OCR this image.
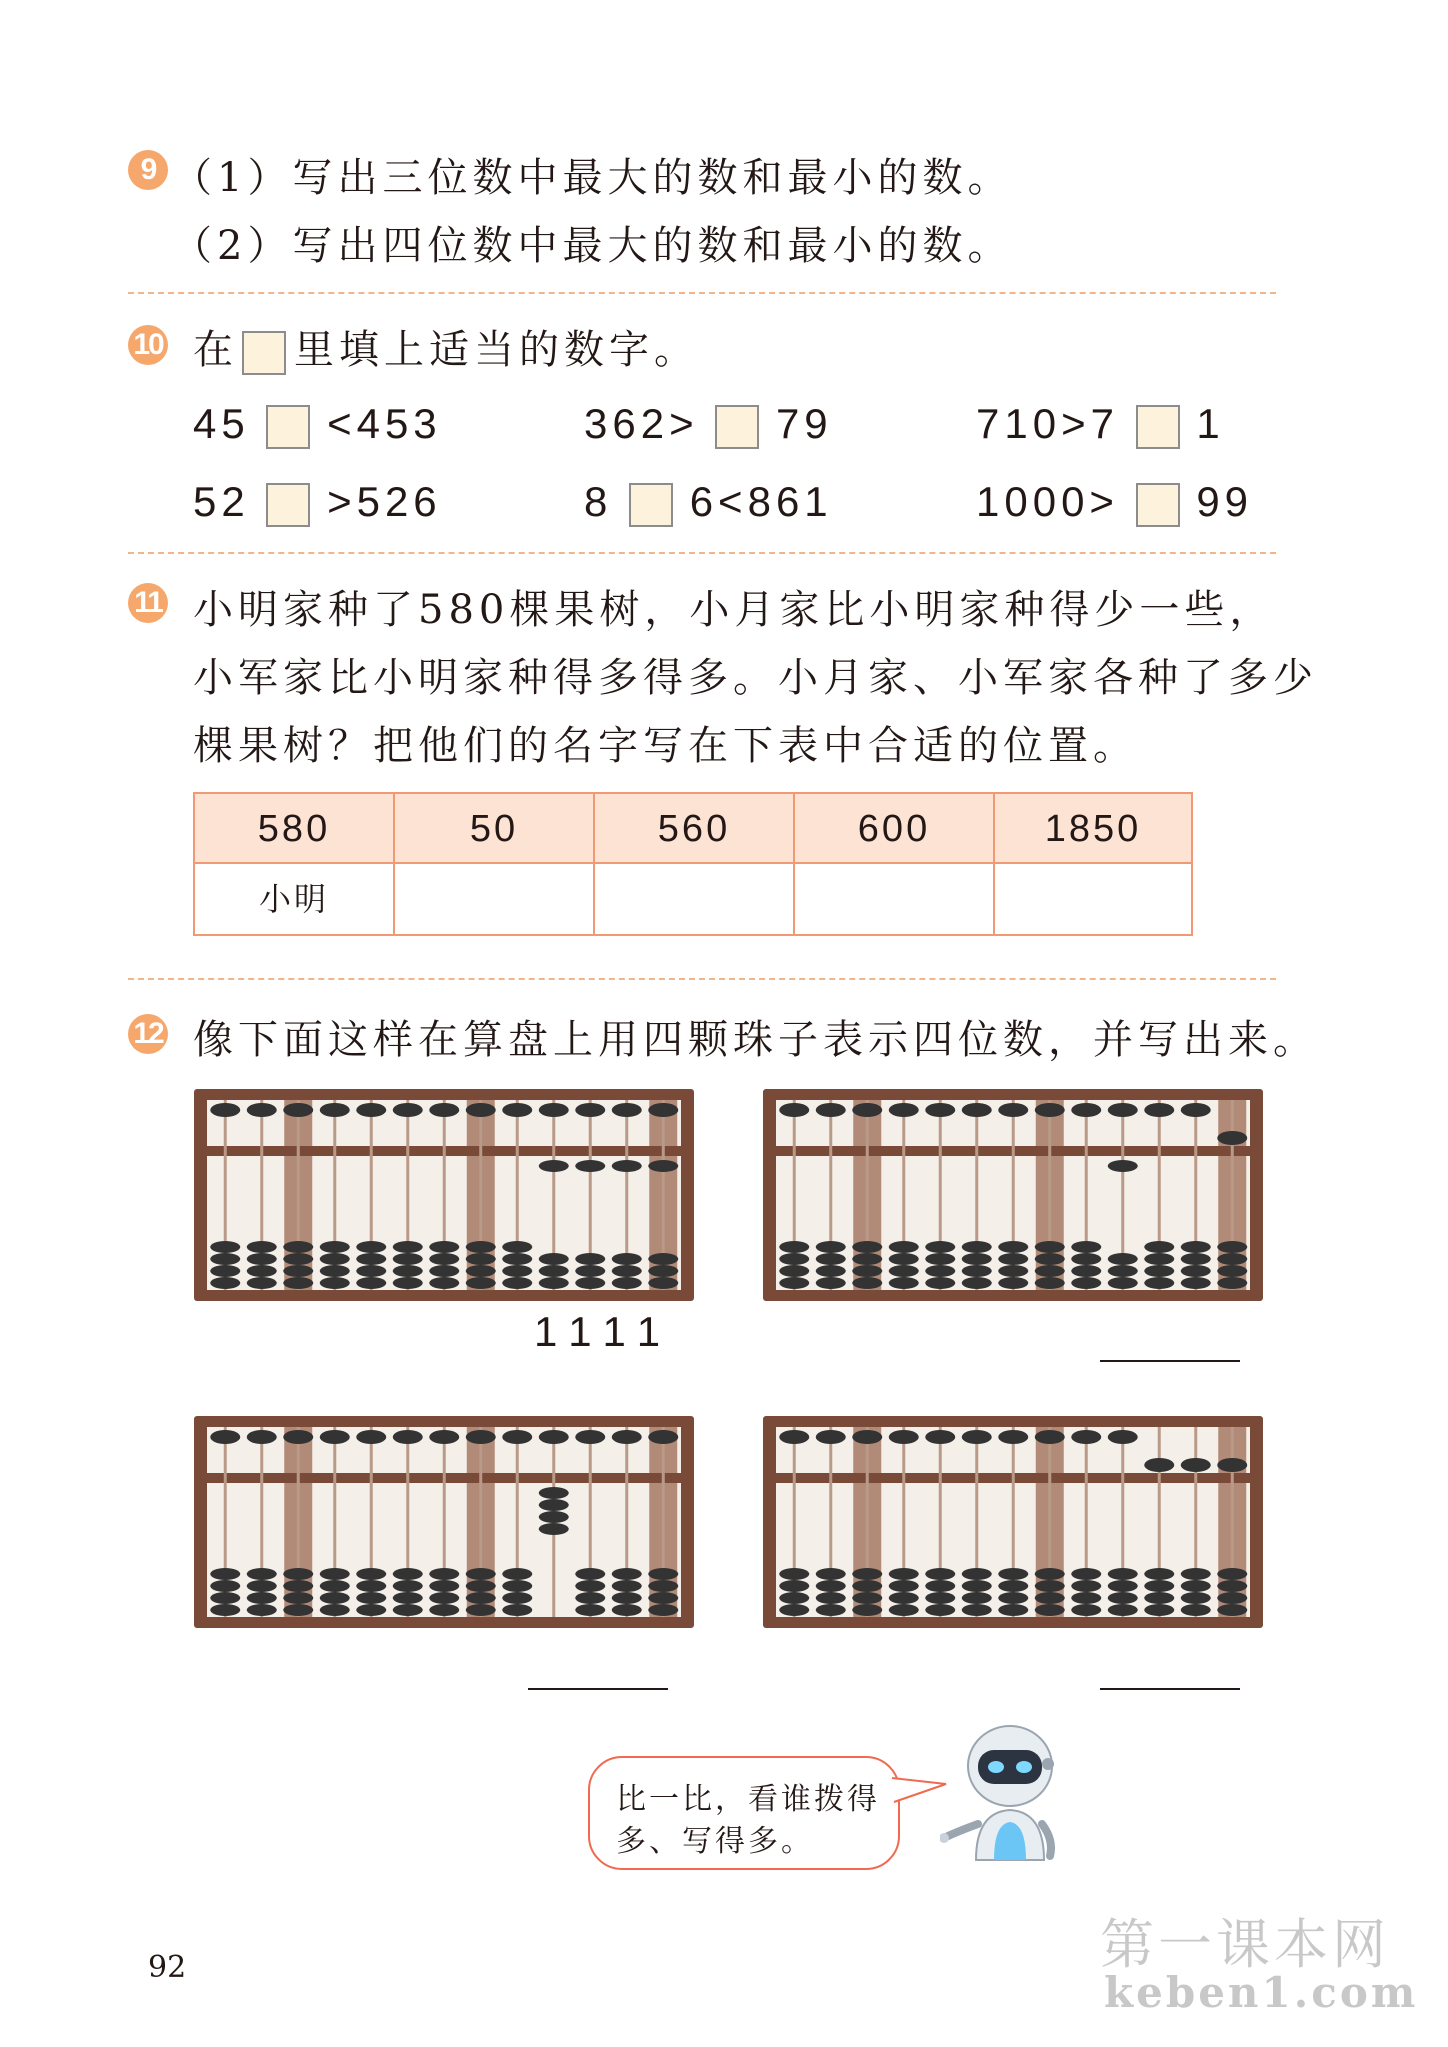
9 （1）写出三位数中最大的数和最小的数。
（2）写出四位数中最大的数和最小的数。
10 在 里填上适当的数字。
45 <453	362> 79	710>7 1
52 >526	8 6<861	1000> 99
11 小明家种了580棵果树，小月家比小明家种得少一些，
小军家比小明家种得多得多。小月家、小军家各种了多少
棵果树？把他们的名字写在下表中合适的位置。
580	50	560	600	1850
小明
12 像下面这样在算盘上用四颗珠子表示四位数，并写出来。
1111
比一比，看谁拨得
多、写得多。
92	第一课本网
keben1.com
